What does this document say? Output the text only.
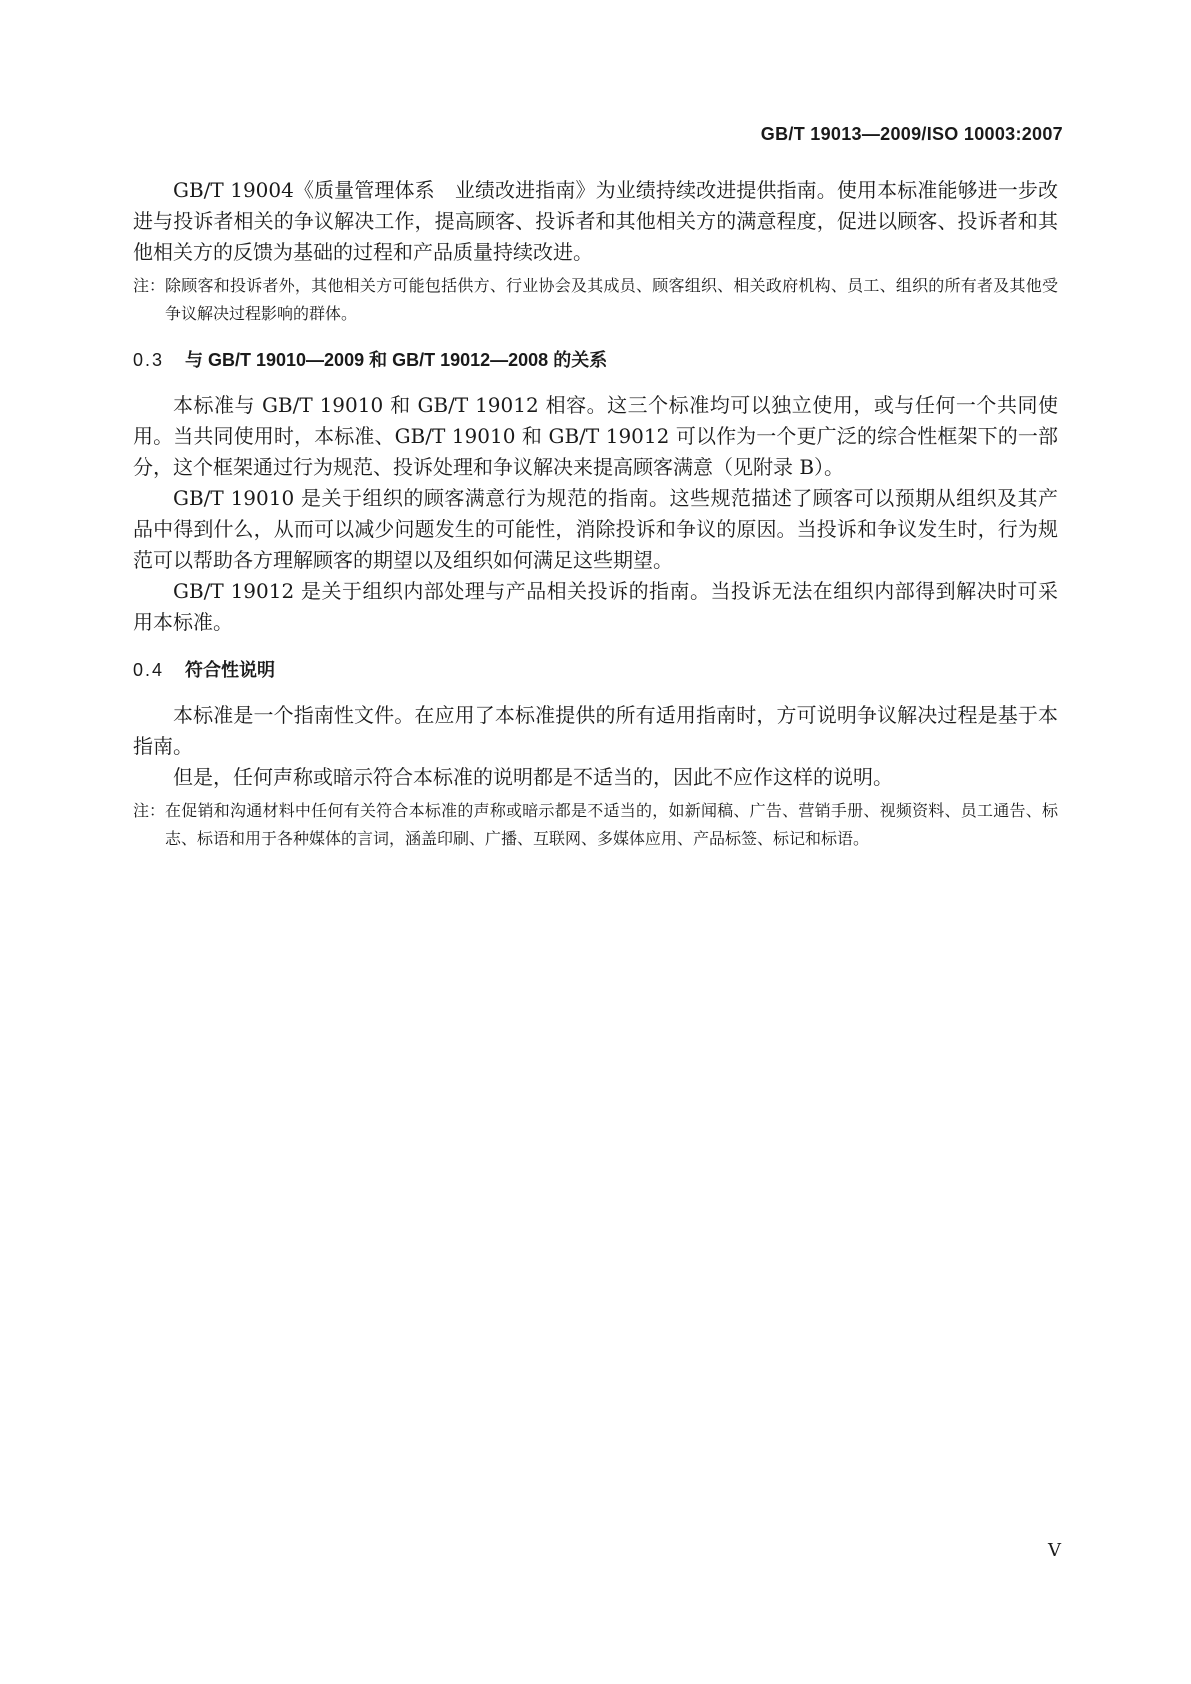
GB/T 19013—2009/ISO 10003:2007

GB/T 19004《质量管理体系　业绩改进指南》为业绩持续改进提供指南。使用本标准能够进一步改进与投诉者相关的争议解决工作，提高顾客、投诉者和其他相关方的满意程度，促进以顾客、投诉者和其他相关方的反馈为基础的过程和产品质量持续改进。

注： 除顾客和投诉者外，其他相关方可能包括供方、行业协会及其成员、顾客组织、相关政府机构、员工、组织的所有者及其他受争议解决过程影响的群体。
0.3	与 GB/T 19010—2009 和 GB/T 19012—2008 的关系

本标准与 GB/T 19010 和 GB/T 19012 相容。这三个标准均可以独立使用，或与任何一个共同使用。当共同使用时，本标准、GB/T 19010 和 GB/T 19012 可以作为一个更广泛的综合性框架下的一部分，这个框架通过行为规范、投诉处理和争议解决来提高顾客满意（见附录 B）。

GB/T 19010 是关于组织的顾客满意行为规范的指南。这些规范描述了顾客可以预期从组织及其产品中得到什么，从而可以减少问题发生的可能性，消除投诉和争议的原因。当投诉和争议发生时，行为规范可以帮助各方理解顾客的期望以及组织如何满足这些期望。

GB/T 19012 是关于组织内部处理与产品相关投诉的指南。当投诉无法在组织内部得到解决时可采用本标准。

0.4	符合性说明

本标准是一个指南性文件。在应用了本标准提供的所有适用指南时，方可说明争议解决过程是基于本指南。

但是，任何声称或暗示符合本标准的说明都是不适当的，因此不应作这样的说明。

注： 在促销和沟通材料中任何有关符合本标准的声称或暗示都是不适当的，如新闻稿、广告、营销手册、视频资料、员工通告、标志、标语和用于各种媒体的言词，涵盖印刷、广播、互联网、多媒体应用、产品标签、标记和标语。
V
